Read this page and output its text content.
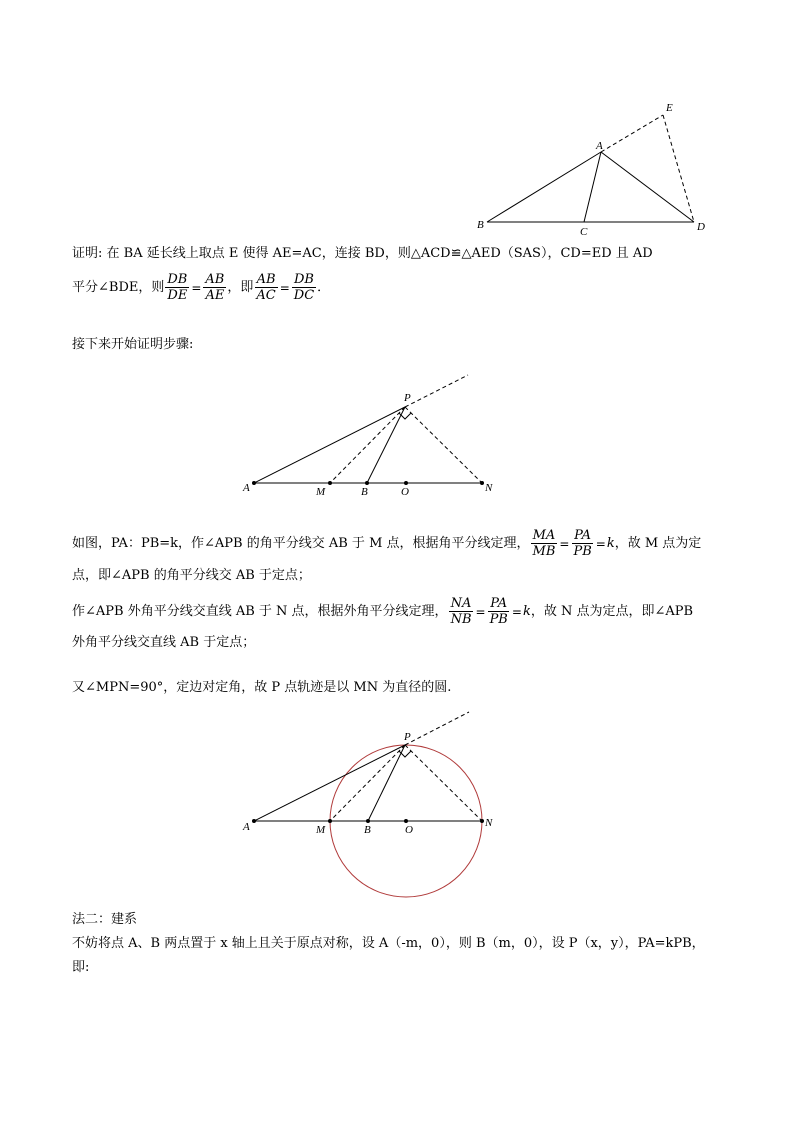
E
A
B
C	D
证明: 在 BA 延长线上取点 E 使得 AE=AC，连接 BD，则△ACD≌△AED（SAS），CD=ED 且 AD
平分∠BDE，则 $\frac{DB}{DE} = \frac{AB}{AE}$ ，即 $\frac{AB}{AC} = \frac{DB}{DC}$ ．
接下来开始证明步骤:
P
A	M	B	O	N
如图，PA：PB=k，作∠APB 的角平分线交 AB 于 M 点，根据角平分线定理， $\frac{MA}{MB} = \frac{PA}{PB} =k$，故 M 点为定
点，即∠APB 的角平分线交 AB 于定点；
作∠APB 外角平分线交直线 AB 于 N 点，根据外角平分线定理， $\frac{NA}{NB} = \frac{PA}{PB} =k$，故 N 点为定点，即∠APB
外角平分线交直线 AB 于定点；
又∠MPN=90°，定边对定角，故 P 点轨迹是以 MN 为直径的圆.
P
A	M	B	O
N
法二：建系
不妨将点 A、B 两点置于 x 轴上且关于原点对称，设 A（-m，0），则 B（m，0），设 P（x，y），PA=kPB，
即:
